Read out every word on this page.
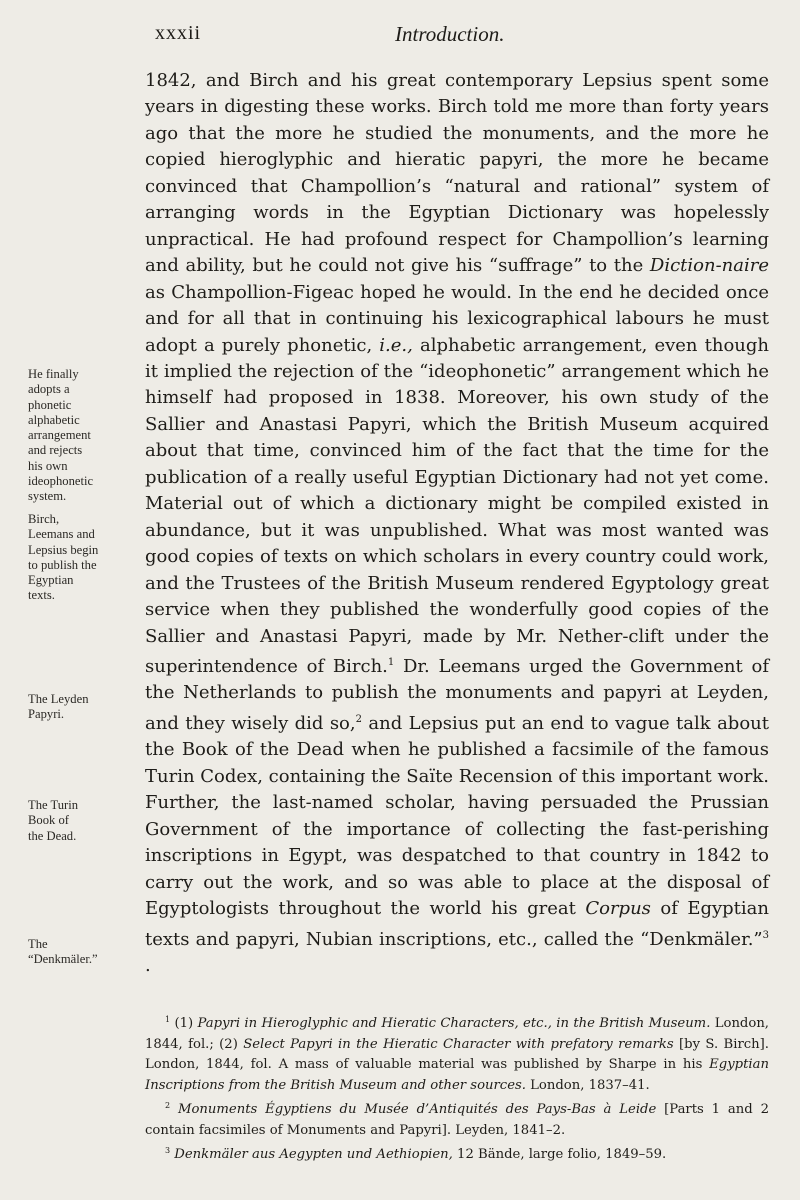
xxxii	Introduction.

1842, and Birch and his great contemporary Lepsius spent some years in digesting these works. Birch told me more than forty years ago that the more he studied the monuments, and the more he copied hieroglyphic and hieratic papyri, the more he became convinced that Champollion’s “natural and rational” system of arranging words in the Egyptian Dictionary was hopelessly unpractical. He had profound respect for Champollion’s learning and ability, but he could not give his “suffrage” to the Diction-naire as Champollion-Figeac hoped he would. In the end he decided once and for all that in continuing his lexicographical labours he must adopt a purely phonetic, i.e., alphabetic arrangement, even though it implied the rejection of the “ideophonetic” arrangement which he himself had proposed in 1838. Moreover, his own study of the Sallier and Anastasi Papyri, which the British Museum acquired about that time, convinced him of the fact that the time for the publication of a really useful Egyptian Dictionary had not yet come. Material out of which a dictionary might be compiled existed in abundance, but it was unpublished. What was most wanted was good copies of texts on which scholars in every country could work, and the Trustees of the British Museum rendered Egyptology great service when they published the wonderfully good copies of the Sallier and Anastasi Papyri, made by Mr. Nether-clift under the superintendence of Birch.$^1$ Dr. Leemans urged the Government of the Netherlands to publish the monuments and papyri at Leyden, and they wisely did so,$^2$ and Lepsius put an end to vague talk about the Book of the Dead when he published a facsimile of the famous Turin Codex, containing the Saïte Recension of this important work. Further, the last-named scholar, having persuaded the Prussian Government of the importance of collecting the fast-perishing inscriptions in Egypt, was despatched to that country in 1842 to carry out the work, and so was able to place at the disposal of Egyptologists throughout the world his great Corpus of Egyptian texts and papyri, Nubian inscriptions, etc., called the “Denkmäler.”$^3$ .

He finally
adopts a
phonetic
alphabetic
arrangement
and rejects
his own
ideophonetic
system.
Birch,
Leemans and
Lepsius begin
to publish the
Egyptian
texts.
The Leyden
Papyri.
The Turin
Book of
the Dead.
The
“Denkmäler.”

$^1$ (1) Papyri in Hieroglyphic and Hieratic Characters, etc., in the British Museum. London, 1844, fol.; (2) Select Papyri in the Hieratic Character with prefatory remarks [by S. Birch]. London, 1844, fol. A mass of valuable material was published by Sharpe in his Egyptian Inscriptions from the British Museum and other sources. London, 1837–41.

$^2$ Monuments Égyptiens du Musée d’Antiquités des Pays-Bas à Leide [Parts 1 and 2 contain facsimiles of Monuments and Papyri]. Leyden, 1841–2.

$^3$ Denkmäler aus Aegypten und Aethiopien, 12 Bände, large folio, 1849–59.
